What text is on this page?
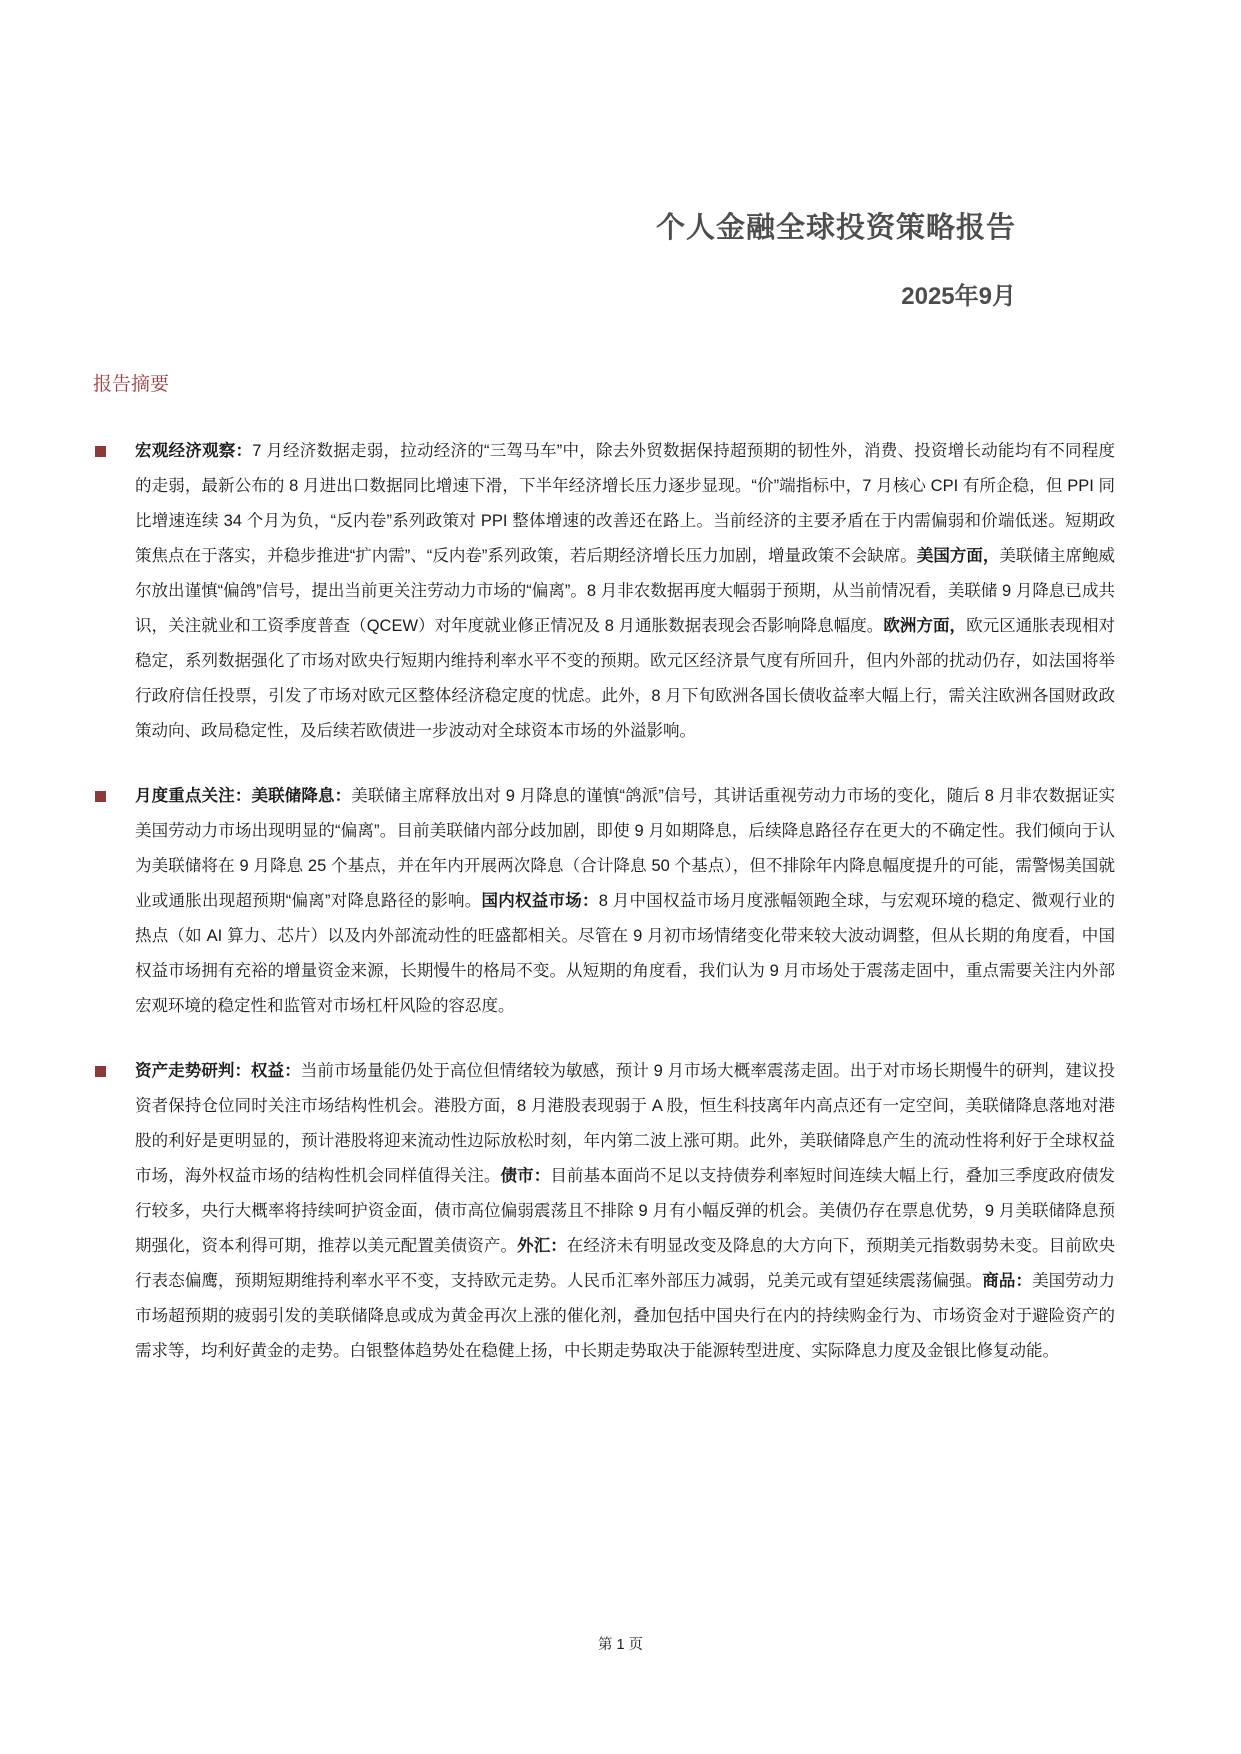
个人金融全球投资策略报告
2025年9月
报告摘要

宏观经济观察：7 月经济数据走弱，拉动经济的“三驾马车”中，除去外贸数据保持超预期的韧性外，消费、投资增长动能均有不同程度的走弱，最新公布的 8 月进出口数据同比增速下滑，下半年经济增长压力逐步显现。“价”端指标中，7 月核心 CPI 有所企稳，但 PPI 同比增速连续 34 个月为负，“反内卷”系列政策对 PPI 整体增速的改善还在路上。当前经济的主要矛盾在于内需偏弱和价端低迷。短期政策焦点在于落实，并稳步推进“扩内需”、“反内卷”系列政策，若后期经济增长压力加剧，增量政策不会缺席。美国方面，美联储主席鲍威尔放出谨慎“偏鸽”信号，提出当前更关注劳动力市场的“偏离”。8 月非农数据再度大幅弱于预期，从当前情况看，美联储 9 月降息已成共识，关注就业和工资季度普查（QCEW）对年度就业修正情况及 8 月通胀数据表现会否影响降息幅度。欧洲方面，欧元区通胀表现相对稳定，系列数据强化了市场对欧央行短期内维持利率水平不变的预期。欧元区经济景气度有所回升，但内外部的扰动仍存，如法国将举行政府信任投票，引发了市场对欧元区整体经济稳定度的忧虑。此外，8 月下旬欧洲各国长债收益率大幅上行，需关注欧洲各国财政政策动向、政局稳定性，及后续若欧债进一步波动对全球资本市场的外溢影响。

月度重点关注：美联储降息：美联储主席释放出对 9 月降息的谨慎“鸽派”信号，其讲话重视劳动力市场的变化，随后 8 月非农数据证实美国劳动力市场出现明显的“偏离”。目前美联储内部分歧加剧，即使 9 月如期降息，后续降息路径存在更大的不确定性。我们倾向于认为美联储将在 9 月降息 25 个基点，并在年内开展两次降息（合计降息 50 个基点），但不排除年内降息幅度提升的可能，需警惕美国就业或通胀出现超预期“偏离”对降息路径的影响。国内权益市场：8 月中国权益市场月度涨幅领跑全球，与宏观环境的稳定、微观行业的热点（如 AI 算力、芯片）以及内外部流动性的旺盛都相关。尽管在 9 月初市场情绪变化带来较大波动调整，但从长期的角度看，中国权益市场拥有充裕的增量资金来源，长期慢牛的格局不变。从短期的角度看，我们认为 9 月市场处于震荡走固中，重点需要关注内外部宏观环境的稳定性和监管对市场杠杆风险的容忍度。

资产走势研判：权益：当前市场量能仍处于高位但情绪较为敏感，预计 9 月市场大概率震荡走固。出于对市场长期慢牛的研判，建议投资者保持仓位同时关注市场结构性机会。港股方面，8 月港股表现弱于 A 股，恒生科技离年内高点还有一定空间，美联储降息落地对港股的利好是更明显的，预计港股将迎来流动性边际放松时刻，年内第二波上涨可期。此外，美联储降息产生的流动性将利好于全球权益市场，海外权益市场的结构性机会同样值得关注。债市：目前基本面尚不足以支持债券利率短时间连续大幅上行，叠加三季度政府债发行较多，央行大概率将持续呵护资金面，债市高位偏弱震荡且不排除 9 月有小幅反弹的机会。美债仍存在票息优势，9 月美联储降息预期强化，资本利得可期，推荐以美元配置美债资产。外汇：在经济未有明显改变及降息的大方向下，预期美元指数弱势未变。目前欧央行表态偏鹰，预期短期维持利率水平不变，支持欧元走势。人民币汇率外部压力减弱，兑美元或有望延续震荡偏强。商品：美国劳动力市场超预期的疲弱引发的美联储降息或成为黄金再次上涨的催化剂，叠加包括中国央行在内的持续购金行为、市场资金对于避险资产的需求等，均利好黄金的走势。白银整体趋势处在稳健上扬，中长期走势取决于能源转型进度、实际降息力度及金银比修复动能。

第 1 页
